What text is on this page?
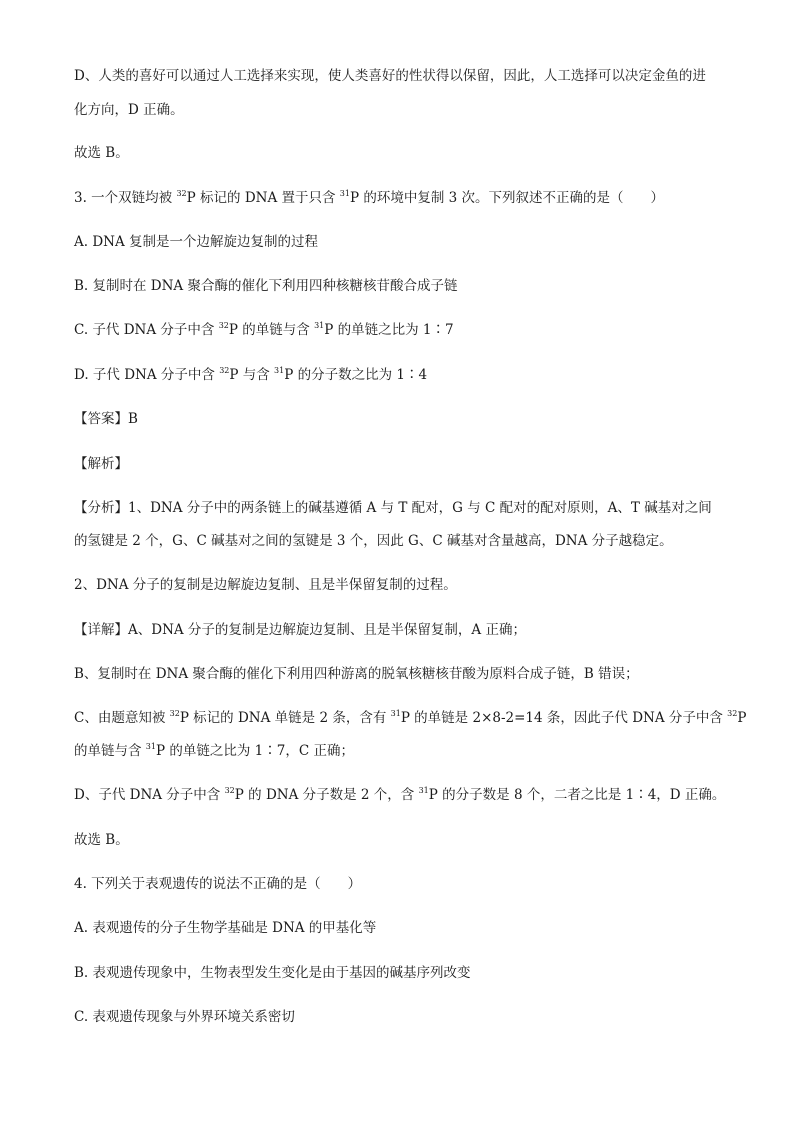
D、人类的喜好可以通过人工选择来实现，使人类喜好的性状得以保留，因此，人工选择可以决定金鱼的进
化方向，D 正确。
故选 B。
3. 一个双链均被 $^{32}$P 标记的 DNA 置于只含 $^{31}$P 的环境中复制 3 次。下列叙述不正确的是（　　）
A. DNA 复制是一个边解旋边复制的过程
B. 复制时在 DNA 聚合酶的催化下利用四种核糖核苷酸合成子链
C. 子代 DNA 分子中含 $^{32}$P 的单链与含 $^{31}$P 的单链之比为 1∶7
D. 子代 DNA 分子中含 $^{32}$P 与含 $^{31}$P 的分子数之比为 1∶4
【答案】B
【解析】
【分析】1、DNA 分子中的两条链上的碱基遵循 A 与 T 配对，G 与 C 配对的配对原则，A、T 碱基对之间
的氢键是 2 个，G、C 碱基对之间的氢键是 3 个，因此 G、C 碱基对含量越高，DNA 分子越稳定。
2、DNA 分子的复制是边解旋边复制、且是半保留复制的过程。
【详解】A、DNA 分子的复制是边解旋边复制、且是半保留复制，A 正确；
B、复制时在 DNA 聚合酶的催化下利用四种游离的脱氧核糖核苷酸为原料合成子链，B 错误；
C、由题意知被 $^{32}$P 标记的 DNA 单链是 2 条，含有 $^{31}$P 的单链是 2×8-2=14 条，因此子代 DNA 分子中含 $^{32}$P
的单链与含 $^{31}$P 的单链之比为 1∶7，C 正确；
D、子代 DNA 分子中含 $^{32}$P 的 DNA 分子数是 2 个，含 $^{31}$P 的分子数是 8 个，二者之比是 1∶4，D 正确。
故选 B。
4. 下列关于表观遗传的说法不正确的是（　　）
A. 表观遗传的分子生物学基础是 DNA 的甲基化等
B. 表观遗传现象中，生物表型发生变化是由于基因的碱基序列改变
C. 表观遗传现象与外界环境关系密切
